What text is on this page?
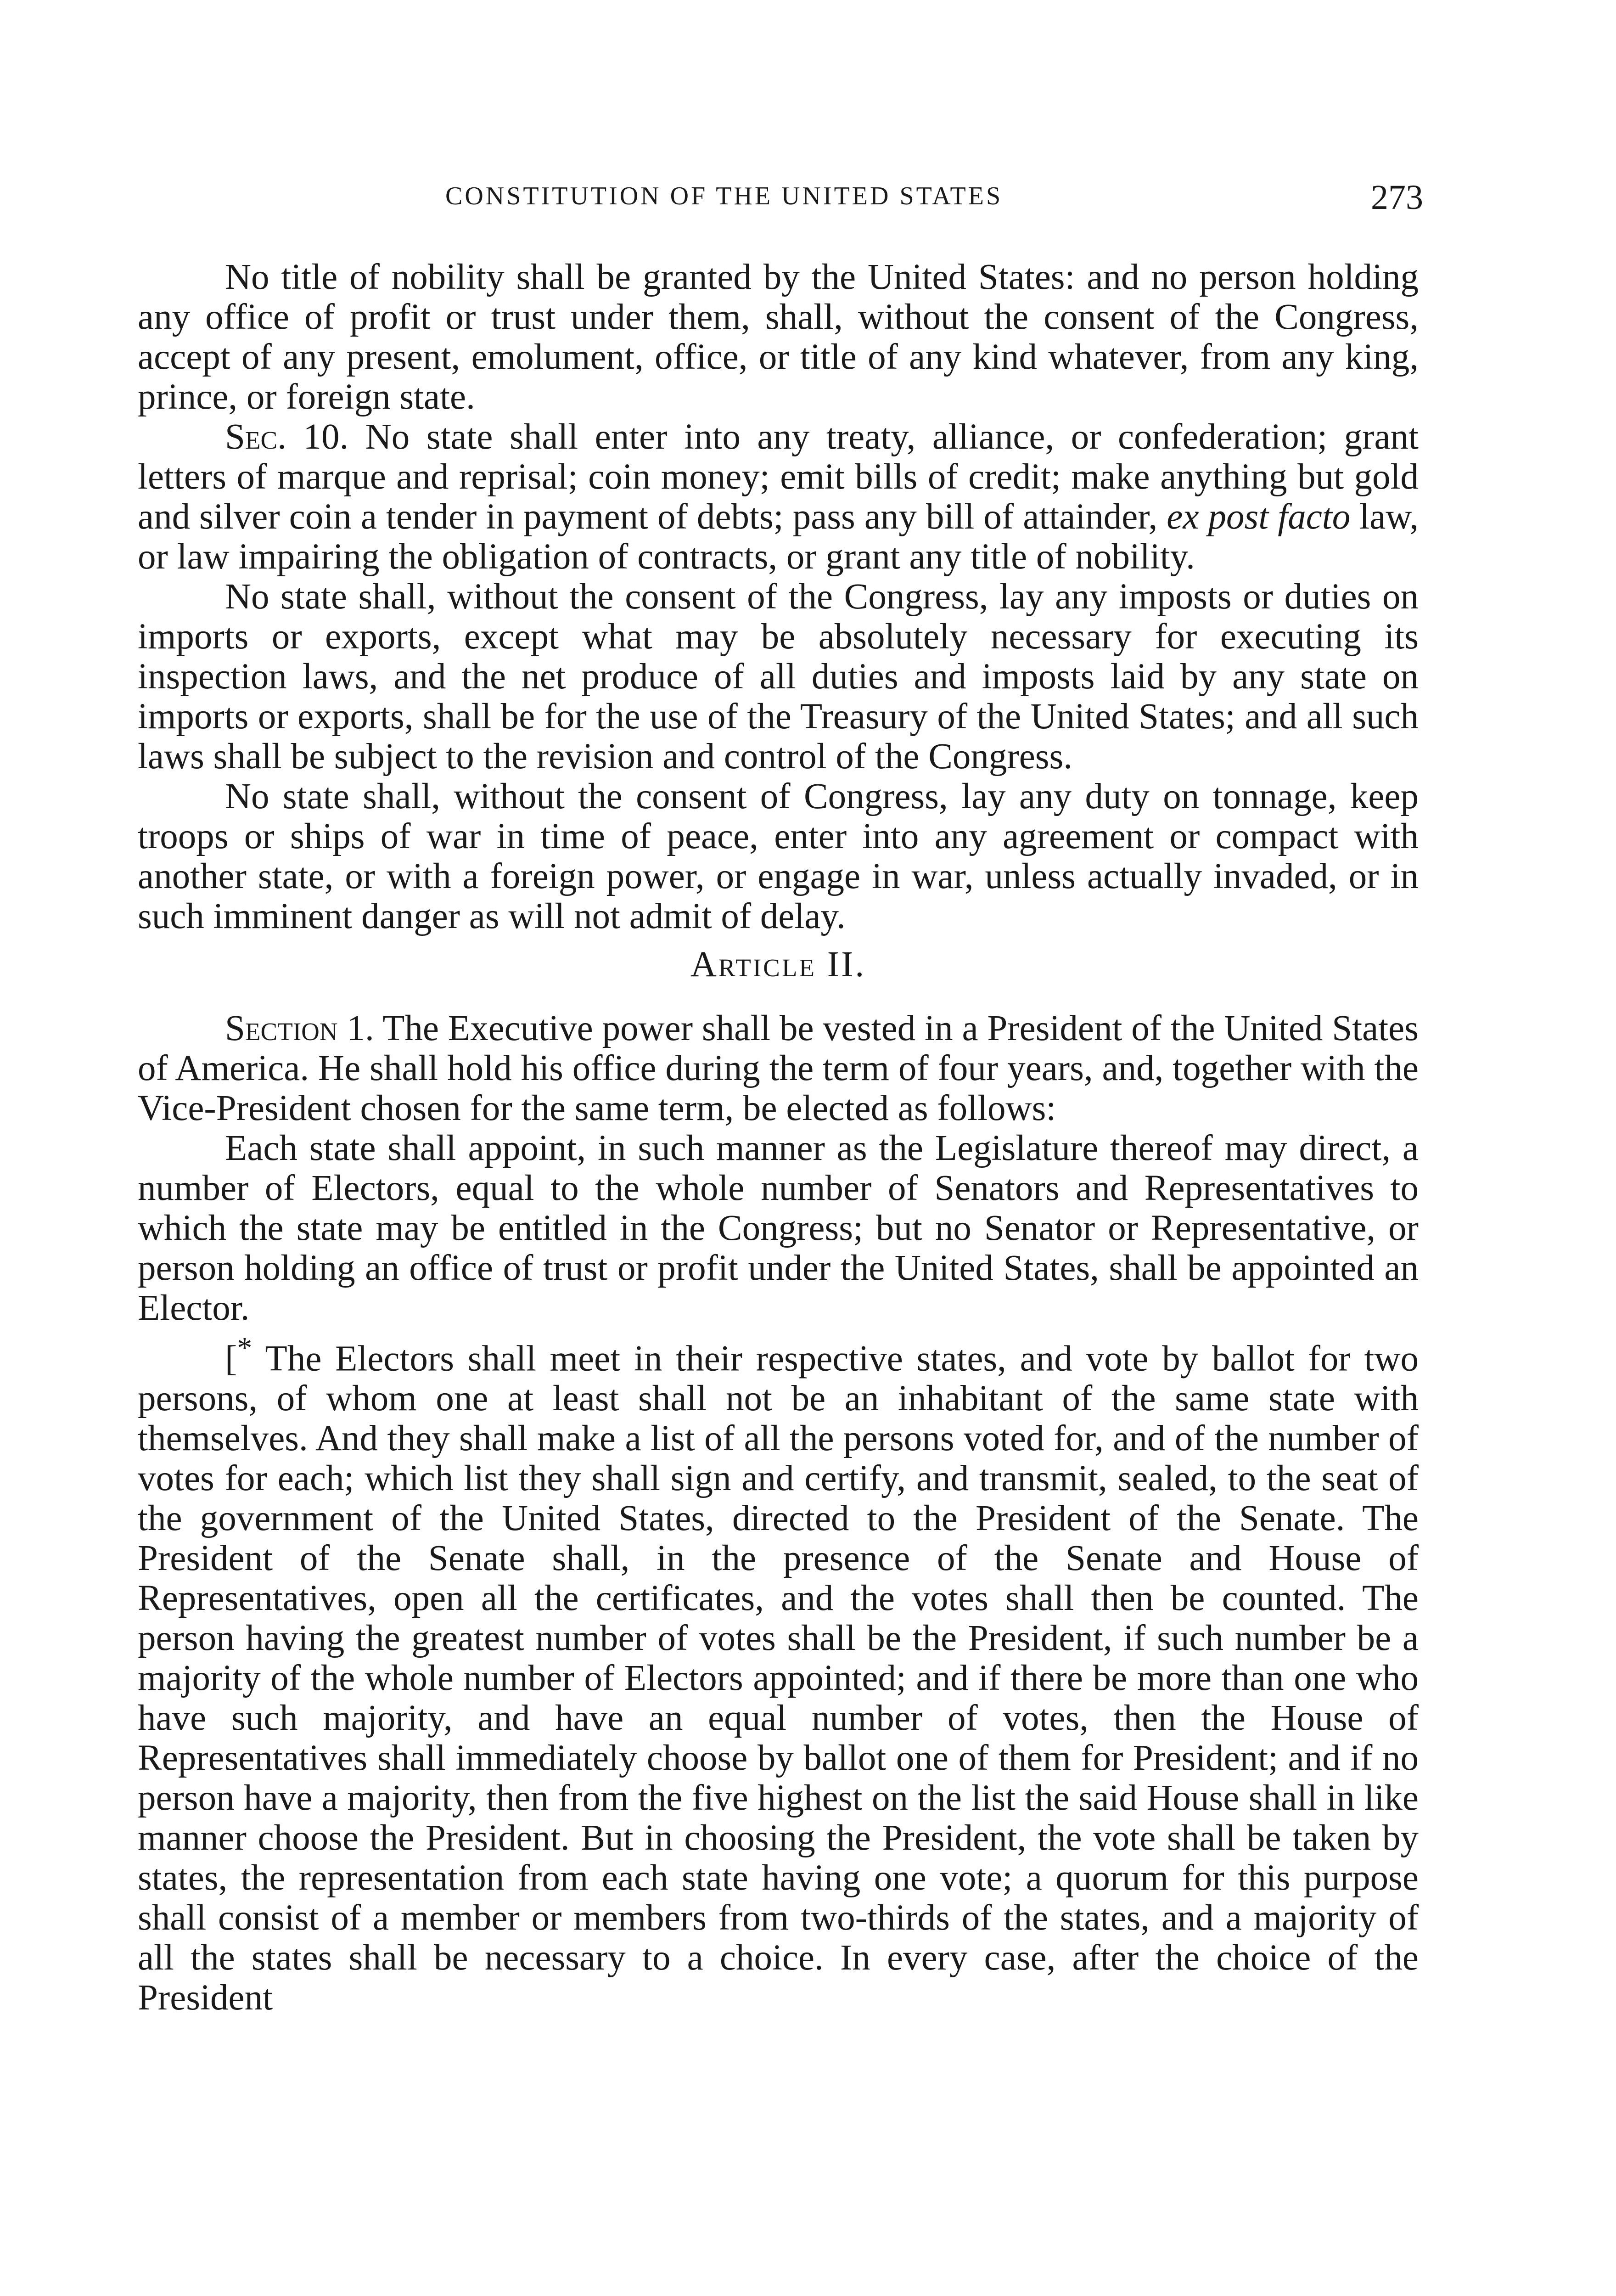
CONSTITUTION OF THE UNITED STATES	273

No title of nobility shall be granted by the United States: and no person holding any office of profit or trust under them, shall, without the consent of the Congress, accept of any present, emolument, office, or title of any kind whatever, from any king, prince, or foreign state.

Sec. 10. No state shall enter into any treaty, alliance, or confederation; grant letters of marque and reprisal; coin money; emit bills of credit; make anything but gold and silver coin a tender in payment of debts; pass any bill of attainder, ex post facto law, or law impairing the obligation of contracts, or grant any title of nobility.

No state shall, without the consent of the Congress, lay any imposts or duties on imports or exports, except what may be absolutely necessary for executing its inspection laws, and the net produce of all duties and imposts laid by any state on imports or exports, shall be for the use of the Treasury of the United States; and all such laws shall be subject to the revision and control of the Congress.

No state shall, without the consent of Congress, lay any duty on tonnage, keep troops or ships of war in time of peace, enter into any agreement or compact with another state, or with a foreign power, or engage in war, unless actually invaded, or in such imminent danger as will not admit of delay.

Article II.

Section 1. The Executive power shall be vested in a President of the United States of America. He shall hold his office during the term of four years, and, together with the Vice-President chosen for the same term, be elected as follows:

Each state shall appoint, in such manner as the Legislature thereof may direct, a number of Electors, equal to the whole number of Senators and Representatives to which the state may be entitled in the Congress; but no Senator or Representative, or person holding an office of trust or profit under the United States, shall be appointed an Elector.

[* The Electors shall meet in their respective states, and vote by ballot for two persons, of whom one at least shall not be an inhabitant of the same state with themselves. And they shall make a list of all the persons voted for, and of the number of votes for each; which list they shall sign and certify, and transmit, sealed, to the seat of the government of the United States, directed to the President of the Senate. The President of the Senate shall, in the presence of the Senate and House of Representatives, open all the certificates, and the votes shall then be counted. The person having the greatest number of votes shall be the President, if such number be a majority of the whole number of Electors appointed; and if there be more than one who have such majority, and have an equal number of votes, then the House of Representatives shall immediately choose by ballot one of them for President; and if no person have a majority, then from the five highest on the list the said House shall in like manner choose the President. But in choosing the President, the vote shall be taken by states, the representation from each state having one vote; a quorum for this purpose shall consist of a member or members from two-thirds of the states, and a majority of all the states shall be necessary to a choice. In every case, after the choice of the President
